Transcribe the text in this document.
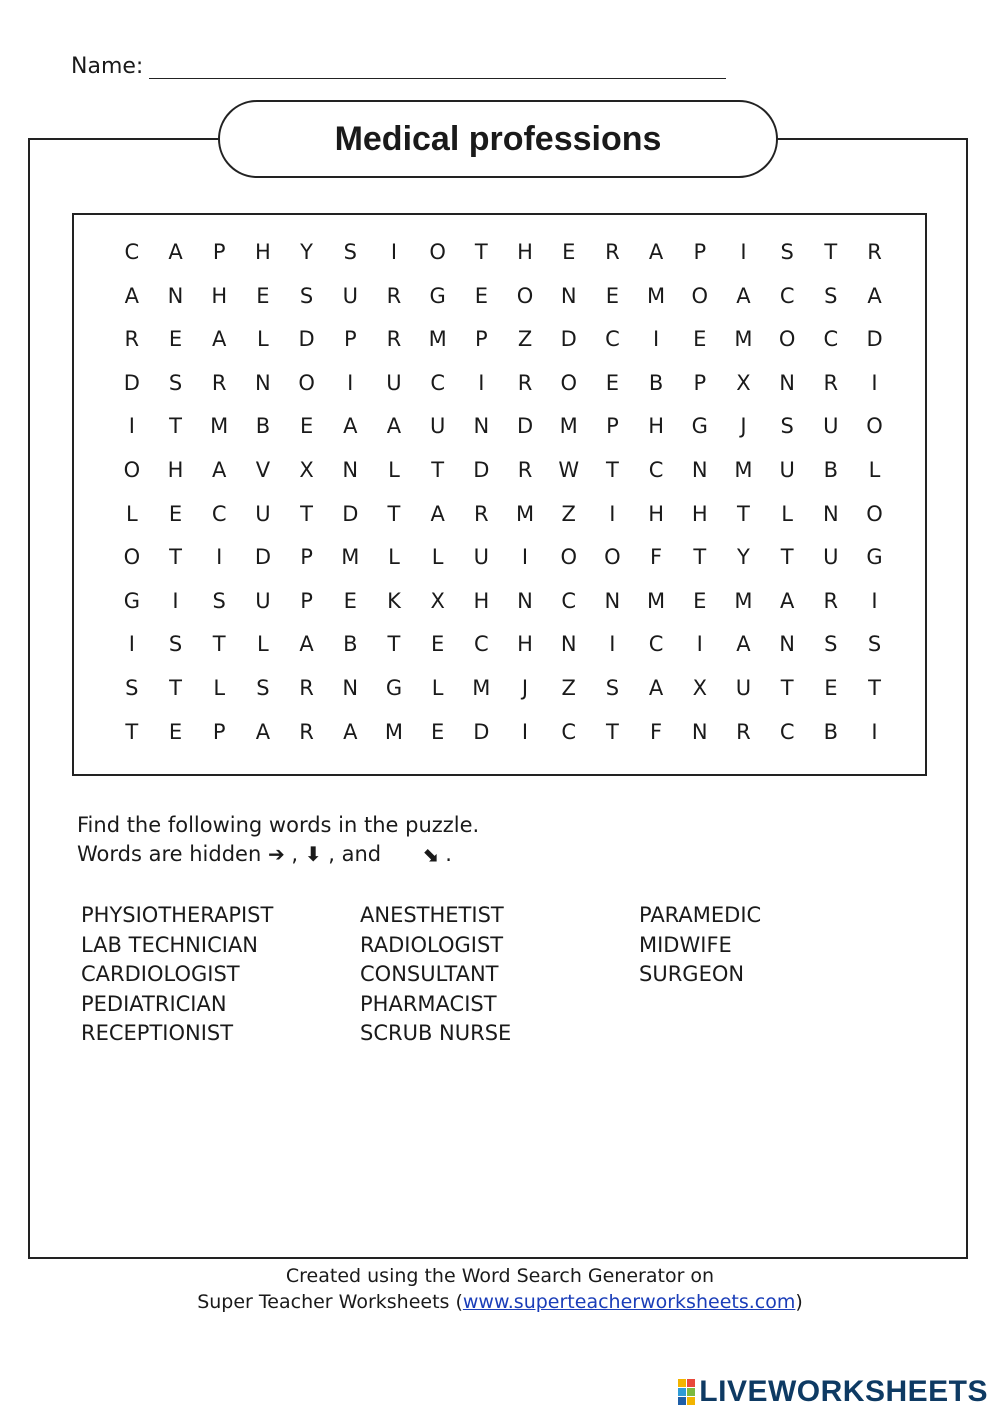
Name:
Medical professions
C	A	P	H	Y	S	I	O	T	H	E	R	A	P	I	S	T	R
A	N	H	E	S	U	R	G	E	O	N	E	M	O	A	C	S	A
R	E	A	L	D	P	R	M	P	Z	D	C	I	E	M	O	C	D
D	S	R	N	O	I	U	C	I	R	O	E	B	P	X	N	R	I
I	T	M	B	E	A	A	U	N	D	M	P	H	G	J	S	U	O
O	H	A	V	X	N	L	T	D	R	W	T	C	N	M	U	B	L
L	E	C	U	T	D	T	A	R	M	Z	I	H	H	T	L	N	O
O	T	I	D	P	M	L	L	U	I	O	O	F	T	Y	T	U	G
G	I	S	U	P	E	K	X	H	N	C	N	M	E	M	A	R	I
I	S	T	L	A	B	T	E	C	H	N	I	C	I	A	N	S	S
S	T	L	S	R	N	G	L	M	J	Z	S	A	X	U	T	E	T
T	E	P	A	R	A	M	E	D	I	C	T	F	N	R	C	B	I
Find the following words in the puzzle.
Words are hidden ➔ , ⬇ , and ⬊ .
PHYSIOTHERAPIST
LAB TECHNICIAN
CARDIOLOGIST
PEDIATRICIAN
RECEPTIONIST
ANESTHETIST
RADIOLOGIST
CONSULTANT
PHARMACIST
SCRUB NURSE
PARAMEDIC
MIDWIFE
SURGEON
Created using the Word Search Generator on
Super Teacher Worksheets (www.superteacherworksheets.com)
LIVEWORKSHEETS
